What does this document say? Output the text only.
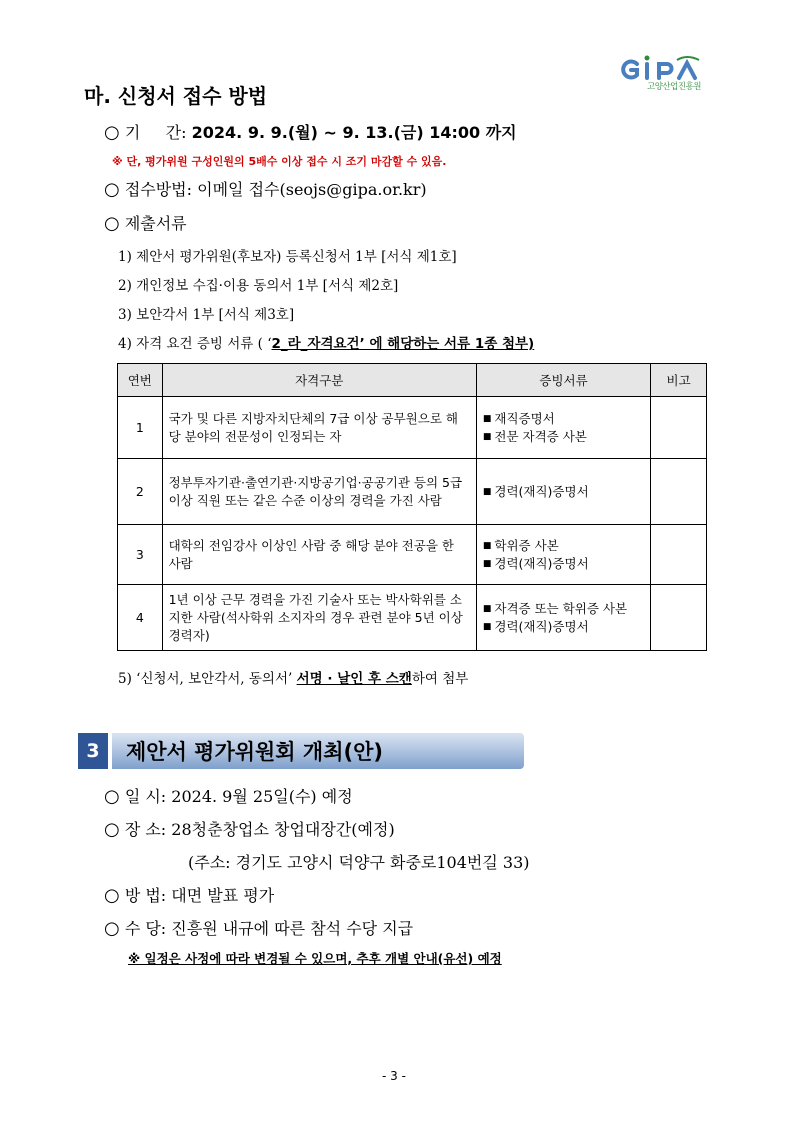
고양산업진흥원
마. 신청서 접수 방법
○ 기     간: 2024. 9. 9.(월) ~ 9. 13.(금) 14:00 까지
※ 단, 평가위원 구성인원의 5배수 이상 접수 시 조기 마감할 수 있음.
○ 접수방법: 이메일 접수(seojs@gipa.or.kr)
○ 제출서류
1) 제안서 평가위원(후보자) 등록신청서 1부 [서식 제1호]
2) 개인정보 수집·이용 동의서 1부 [서식 제2호]
3) 보안각서 1부 [서식 제3호]
4) 자격 요건 증빙 서류 ( ‘2_라_자격요건’ 에 해당하는 서류 1종 첨부)
연번	자격구분	증빙서류	비고
1	국가 및 다른 지방자치단체의 7급 이상 공무원으로 해당 분야의 전문성이 인정되는 자	■ 재직증명서
■ 전문 자격증 사본	

2	정부투자기관·출연기관·지방공기업·공공기관 등의 5급 이상 직원 또는 같은 수준 이상의 경력을 가진 사람	■ 경력(재직)증명서	

3	대학의 전임강사 이상인 사람 중 해당 분야 전공을 한 사람	■ 학위증 사본
■ 경력(재직)증명서	

4	1년 이상 근무 경력을 가진 기술사 또는 박사학위를 소지한 사람(석사학위 소지자의 경우 관련 분야 5년 이상 경력자)	■ 자격증 또는 학위증 사본
■ 경력(재직)증명서	

5) ‘신청서, 보안각서, 동의서’ 서명 · 날인 후 스캔하여 첨부
3	제안서 평가위원회 개최(안)
○ 일 시: 2024. 9월 25일(수) 예정
○ 장 소: 28청춘창업소 창업대장간(예정)
(주소: 경기도 고양시 덕양구 화중로104번길 33)
○ 방 법: 대면 발표 평가
○ 수 당: 진흥원 내규에 따른 참석 수당 지급
※ 일정은 사정에 따라 변경될 수 있으며, 추후 개별 안내(유선) 예정
- 3 -
